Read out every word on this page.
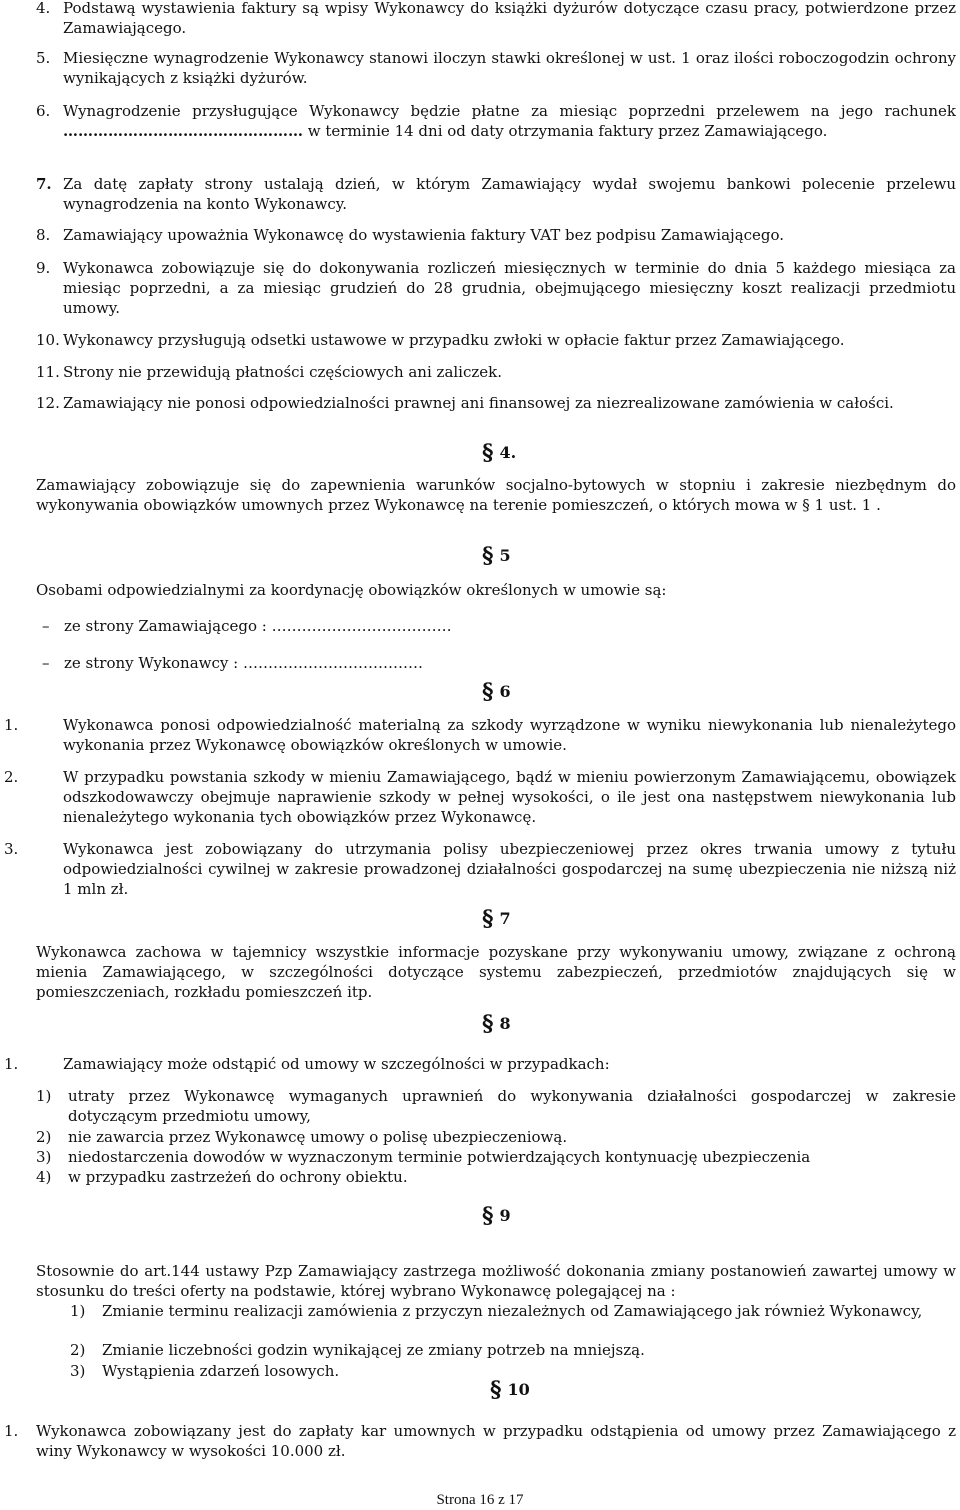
4. Podstawą wystawienia faktury są wpisy Wykonawcy do książki dyżurów dotyczące czasu pracy, potwierdzone przez Zamawiającego.
5. Miesięczne wynagrodzenie Wykonawcy stanowi iloczyn stawki określonej w ust. 1 oraz ilości roboczogodzin ochrony wynikających z książki dyżurów.
6. Wynagrodzenie przysługujące Wykonawcy będzie płatne za miesiąc poprzedni przelewem na jego rachunek ………………………………………… w terminie 14 dni od daty otrzymania faktury przez Zamawiającego.
7. Za datę zapłaty strony ustalają dzień, w którym Zamawiający wydał swojemu bankowi polecenie przelewu wynagrodzenia na konto Wykonawcy.
8. Zamawiający upoważnia Wykonawcę do wystawienia faktury VAT bez podpisu Zamawiającego.
9. Wykonawca zobowiązuje się do dokonywania rozliczeń miesięcznych w terminie do dnia 5 każdego miesiąca za miesiąc poprzedni, a za miesiąc grudzień do 28 grudnia, obejmującego miesięczny koszt realizacji przedmiotu umowy.
10. Wykonawcy przysługują odsetki ustawowe w przypadku zwłoki w opłacie faktur przez Zamawiającego.
11. Strony nie przewidują płatności częściowych ani zaliczek.
12. Zamawiający nie ponosi odpowiedzialności prawnej ani finansowej za niezrealizowane zamówienia w całości.
§ 4.
Zamawiający zobowiązuje się do zapewnienia warunków socjalno-bytowych w stopniu i zakresie niezbędnym do wykonywania obowiązków umownych przez Wykonawcę na terenie pomieszczeń, o których mowa w § 1 ust. 1 .
§ 5
Osobami odpowiedzialnymi za koordynację obowiązków określonych w umowie są:
– ze strony Zamawiającego : ………………………………
– ze strony Wykonawcy : ………………………………
§ 6
1.	Wykonawca ponosi odpowiedzialność materialną za szkody wyrządzone w wyniku niewykonania lub nienależytego wykonania przez Wykonawcę obowiązków określonych w umowie.
2.	W przypadku powstania szkody w mieniu Zamawiającego, bądź w mieniu powierzonym Zamawiającemu, obowiązek odszkodowawczy obejmuje naprawienie szkody w pełnej wysokości, o ile jest ona następstwem niewykonania lub nienależytego wykonania tych obowiązków przez Wykonawcę.
3.	Wykonawca jest zobowiązany do utrzymania polisy ubezpieczeniowej przez okres trwania umowy z tytułu odpowiedzialności cywilnej w zakresie prowadzonej działalności gospodarczej na sumę ubezpieczenia nie niższą niż 1 mln zł.
§ 7
Wykonawca zachowa w tajemnicy wszystkie informacje pozyskane przy wykonywaniu umowy, związane z ochroną mienia Zamawiającego, w szczególności dotyczące systemu zabezpieczeń, przedmiotów znajdujących się w pomieszczeniach, rozkładu pomieszczeń itp.
§ 8
1.	Zamawiający może odstąpić od umowy w szczególności w przypadkach:
1)	utraty przez Wykonawcę wymaganych uprawnień do wykonywania działalności gospodarczej w zakresie dotyczącym przedmiotu umowy,
2)	nie zawarcia przez Wykonawcę umowy o polisę ubezpieczeniową.
3)	niedostarczenia dowodów w wyznaczonym terminie potwierdzających kontynuację ubezpieczenia
4)	w przypadku zastrzeżeń do ochrony obiektu.
§ 9
Stosownie do art.144 ustawy Pzp Zamawiający zastrzega możliwość dokonania zmiany postanowień zawartej umowy w stosunku do treści oferty na podstawie, której wybrano Wykonawcę polegającej na :
1)	Zmianie terminu realizacji zamówienia z przyczyn niezależnych od Zamawiającego jak również Wykonawcy,
2)	Zmianie liczebności godzin wynikającej ze zmiany potrzeb na mniejszą.
3)	Wystąpienia zdarzeń losowych.
§ 10
1.	Wykonawca zobowiązany jest do zapłaty kar umownych w przypadku odstąpienia od umowy przez Zamawiającego z winy Wykonawcy w wysokości 10.000 zł.
Strona 16 z 17
